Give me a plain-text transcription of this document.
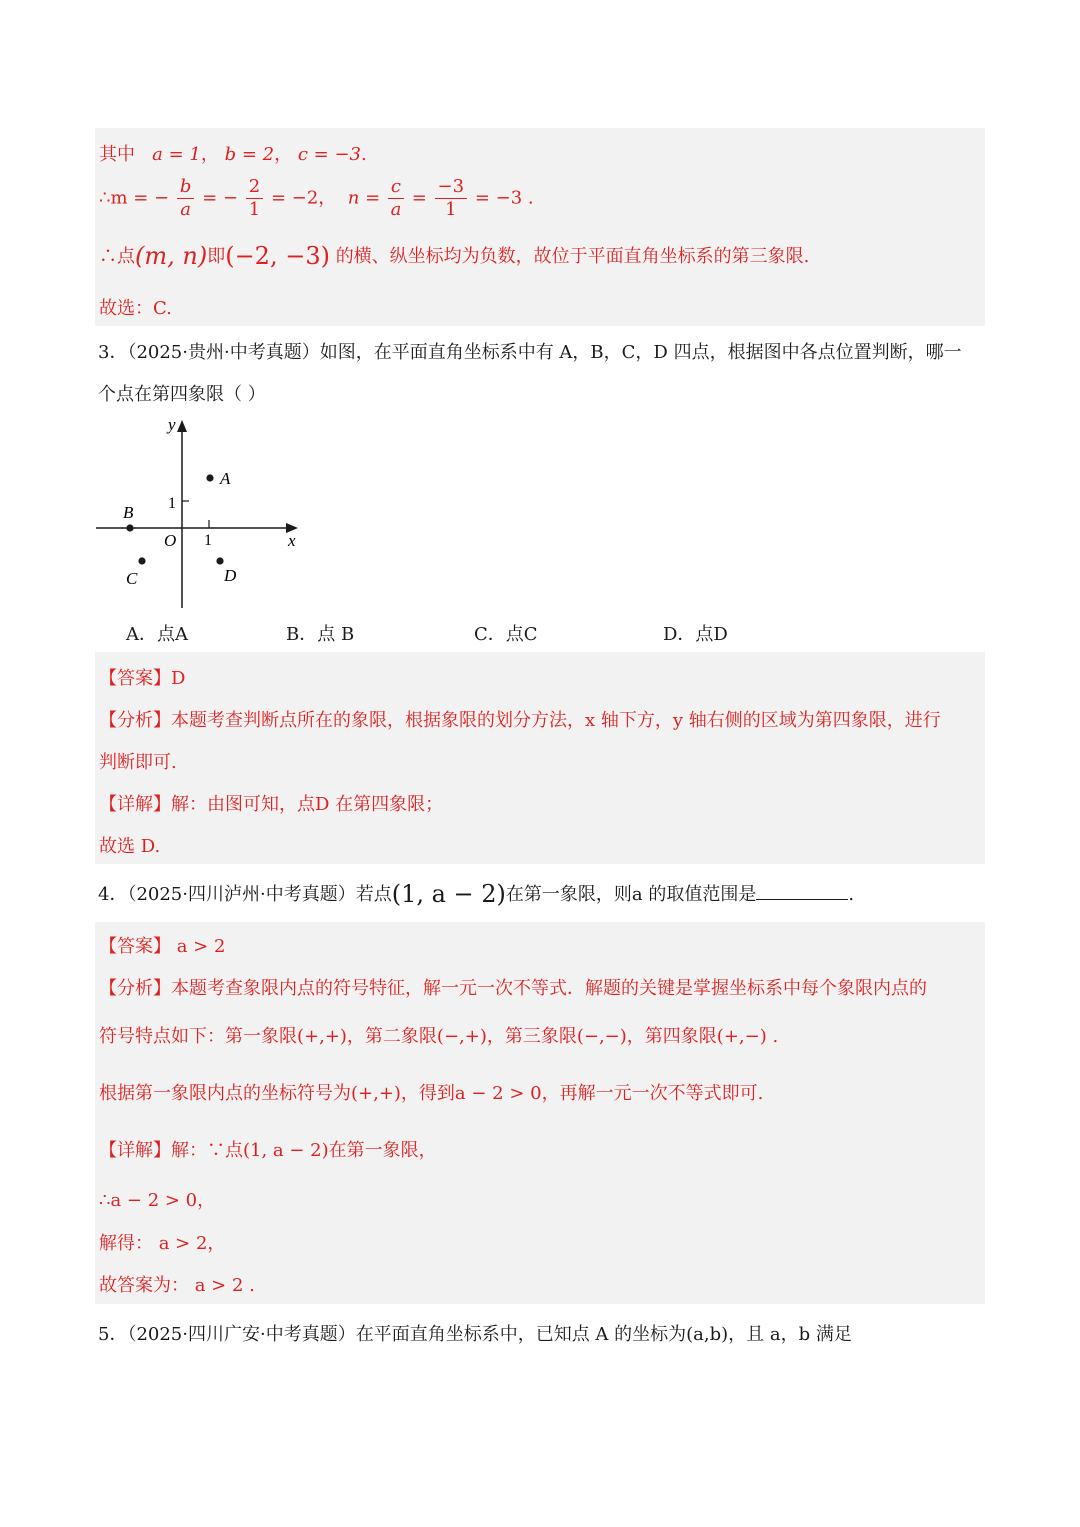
其中 a = 1， b = 2， c = −3.
∴m = − $\frac{b}{a}$ = − $\frac{2}{1} = -2$， $n = \frac{c}{a} = \frac{-3}{1} = -3$ .
∴点(m, n)即(−2, −3) 的横、纵坐标均为负数，故位于平面直角坐标系的第三象限.
故选：C.
3．（2025·贵州·中考真题）如图，在平面直角坐标系中有 A，B，C，D 四点，根据图中各点位置判断，哪一
个点在第四象限（ ）
y
x
O 1
1
A
B
C	D
A．点A	B．点 B	C．点C	D．点D
【答案】D
【分析】本题考查判断点所在的象限，根据象限的划分方法，x 轴下方，y 轴右侧的区域为第四象限，进行
判断即可.
【详解】解：由图可知，点D 在第四象限；
故选 D.
4．（2025·四川泸州·中考真题）若点(1, a − 2)在第一象限，则a 的取值范围是	.
【答案】 a > 2
【分析】本题考查象限内点的符号特征，解一元一次不等式．解题的关键是掌握坐标系中每个象限内点的
符号特点如下：第一象限(+,+)，第二象限(−,+)，第三象限(−,−)，第四象限(+,−) .
根据第一象限内点的坐标符号为(+,+)，得到a − 2 > 0，再解一元一次不等式即可.
【详解】解：∵点(1, a − 2)在第一象限，
∴a − 2 > 0，
解得： a > 2，
故答案为： a > 2 .
5．（2025·四川广安·中考真题）在平面直角坐标系中，已知点 A 的坐标为(a,b)，且 a，b 满足
